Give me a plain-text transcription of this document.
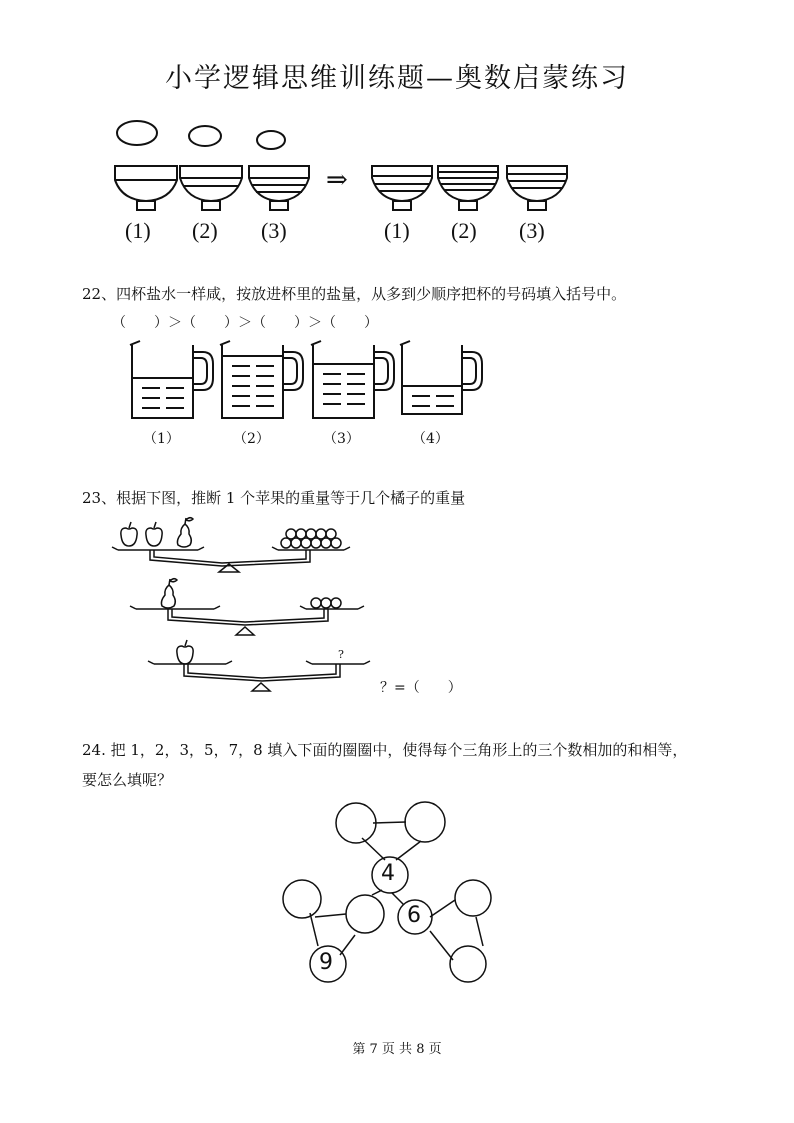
小学逻辑思维训练题—奥数启蒙练习
⇒
(1) (2) (3)	(1) (2) (3)
22、四杯盐水一样咸，按放进杯里的盐量，从多到少顺序把杯的号码填入括号中。
（　　）＞（　　）＞（　　）＞（　　）
（1）	（2）	（3）	（4）
23、根据下图，推断 1 个苹果的重量等于几个橘子的重量
?
？=（　　）
24. 把 1，2，3，5，7，8 填入下面的圈圈中，使得每个三角形上的三个数相加的和相等，
要怎么填呢？
4
6
9
第 7 页 共 8 页
